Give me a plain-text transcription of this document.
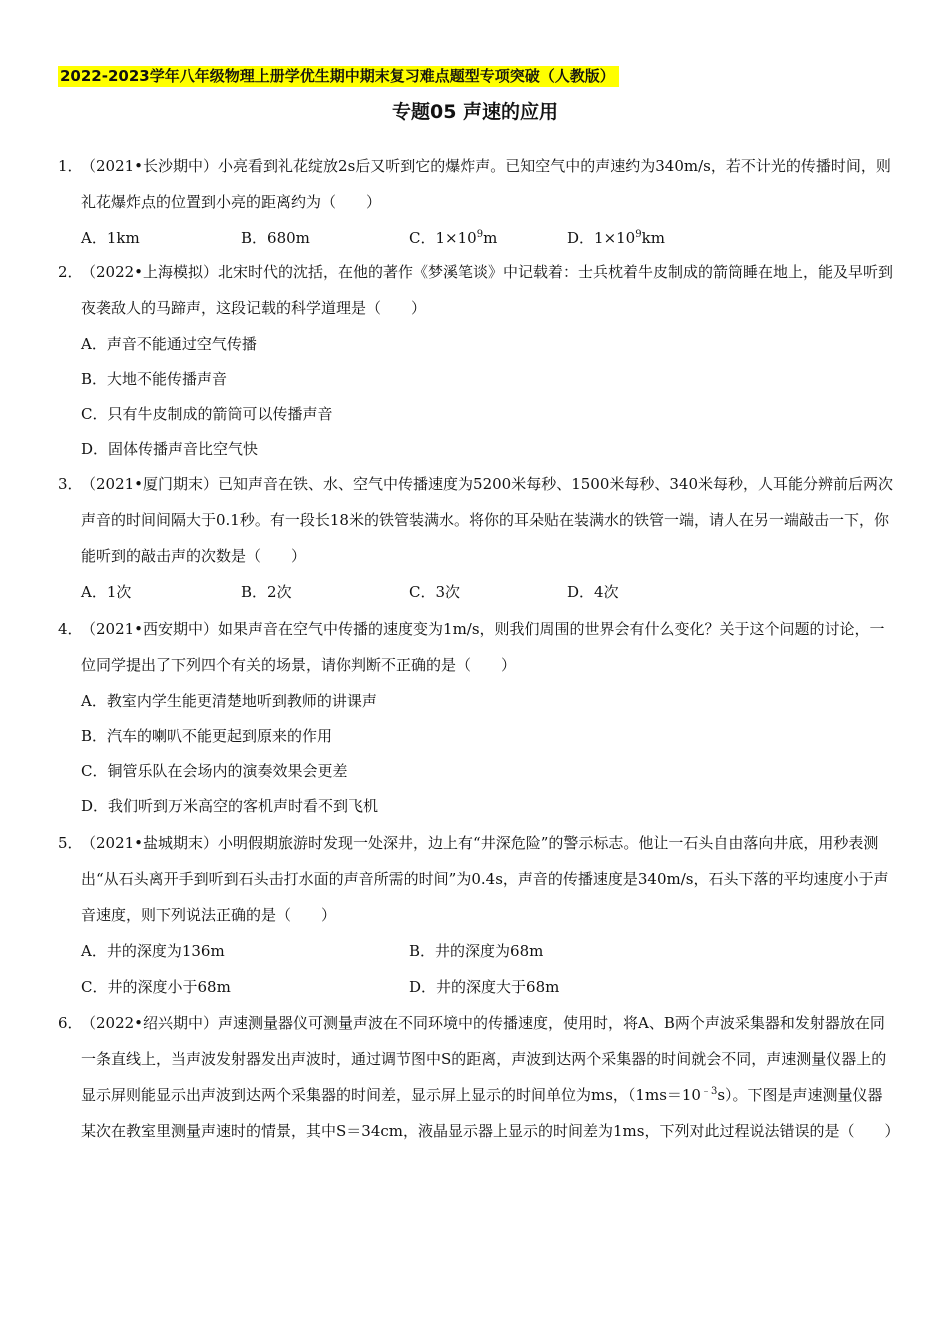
2022-2023学年八年级物理上册学优生期中期末复习难点题型专项突破（人教版）
专题05 声速的应用
1．
（2021•长沙期中）小亮看到礼花绽放2s后又听到它的爆炸声。已知空气中的声速约为340m/s，若不计光的传播时间，则礼花爆炸点的位置到小亮的距离约为（　　）
A．1km	B．680m	C．$1\times 10^9m$	D．$1\times 10^9km$
2．
（2022•上海模拟）北宋时代的沈括，在他的著作《梦溪笔谈》中记载着：士兵枕着牛皮制成的箭筒睡在地上，能及早听到夜袭敌人的马蹄声，这段记载的科学道理是（　　）
A．声音不能通过空气传播
B．大地不能传播声音
C．只有牛皮制成的箭筒可以传播声音
D．固体传播声音比空气快
3．
（2021•厦门期末）已知声音在铁、水、空气中传播速度为5200米每秒、1500米每秒、340米每秒，人耳能分辨前后两次声音的时间间隔大于0.1秒。有一段长18米的铁管装满水。将你的耳朵贴在装满水的铁管一端，请人在另一端敲击一下，你能听到的敲击声的次数是（　　）
A．1次	B．2次	C．3次	D．4次
4．
（2021•西安期中）如果声音在空气中传播的速度变为1m/s，则我们周围的世界会有什么变化？关于这个问题的讨论，一位同学提出了下列四个有关的场景，请你判断不正确的是（　　）
A．教室内学生能更清楚地听到教师的讲课声
B．汽车的喇叭不能更起到原来的作用
C．铜管乐队在会场内的演奏效果会更差
D．我们听到万米高空的客机声时看不到飞机
5．
（2021•盐城期末）小明假期旅游时发现一处深井，边上有“井深危险”的警示标志。他让一石头自由落向井底，用秒表测出“从石头离开手到听到石头击打水面的声音所需的时间”为0.4s，声音的传播速度是340m/s，石头下落的平均速度小于声音速度，则下列说法正确的是（　　）
A．井的深度为136m	B．井的深度为68m
C．井的深度小于68m	D．井的深度大于68m
6．
（2022•绍兴期中）声速测量器仪可测量声波在不同环境中的传播速度，使用时，将A、B两个声波采集器和发射器放在同一条直线上，当声波发射器发出声波时，通过调节图中S的距离，声波到达两个采集器的时间就会不同，声速测量仪器上的显示屏则能显示出声波到达两个采集器的时间差，显示屏上显示的时间单位为ms，$(1ms=10^{﹣3}s)$。下图是声速测量仪器某次在教室里测量声速时的情景，其中S＝34cm，液晶显示器上显示的时间差为1ms，下列对此过程说法错误的是（　　）
